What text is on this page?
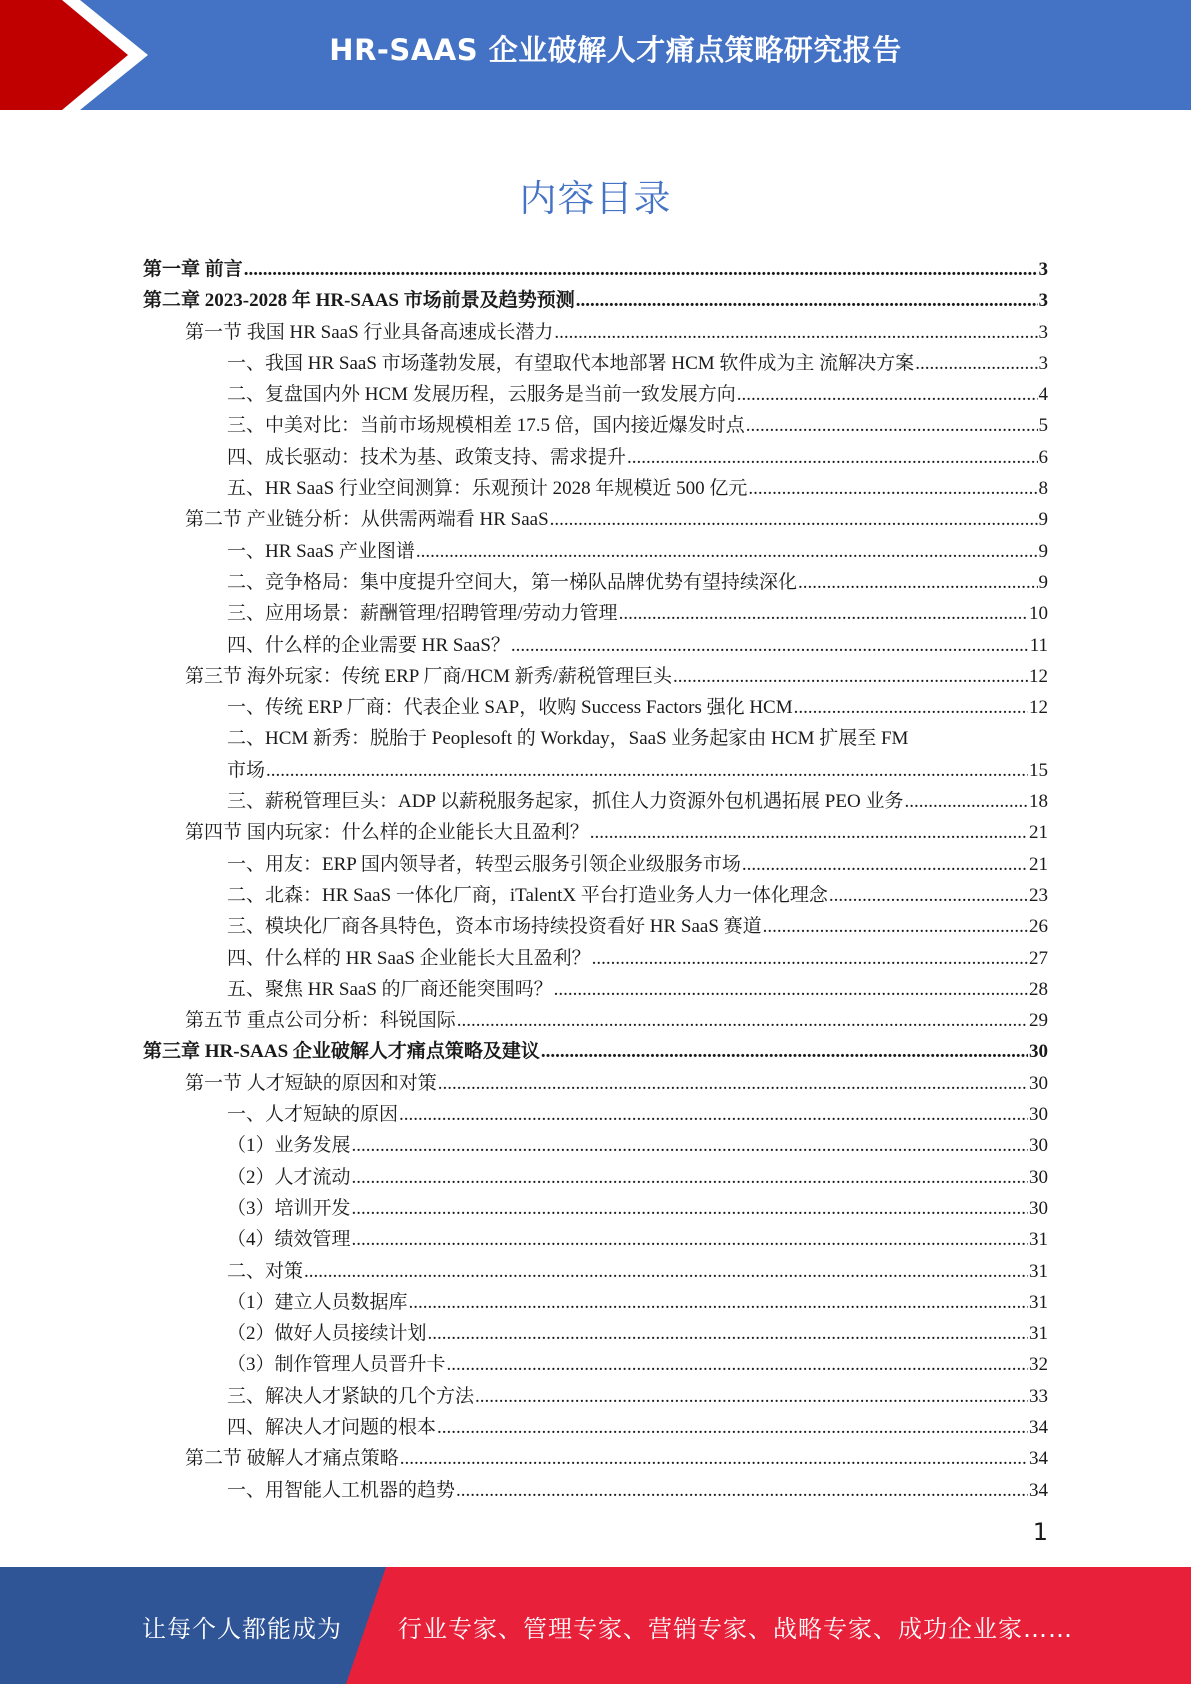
HR-SAAS 企业破解人才痛点策略研究报告
内容目录
第一章 前言 .....	3
第二章 2023-2028 年 HR-SAAS 市场前景及趋势预测 .....	3
第一节 我国 HR SaaS 行业具备高速成长潜力 .....	3
一、我国 HR SaaS 市场蓬勃发展，有望取代本地部署 HCM 软件成为主 流解决方案 .....	3
二、复盘国内外 HCM 发展历程，云服务是当前一致发展方向 .....	4
三、中美对比：当前市场规模相差 17.5 倍，国内接近爆发时点 .....	5
四、成长驱动：技术为基、政策支持、需求提升 .....	6
五、HR SaaS 行业空间测算：乐观预计 2028 年规模近 500 亿元 .....	8
第二节 产业链分析：从供需两端看 HR SaaS .....	9
一、HR SaaS 产业图谱 .....	9
二、竞争格局：集中度提升空间大，第一梯队品牌优势有望持续深化 .....	9
三、应用场景：薪酬管理/招聘管理/劳动力管理 .....	10
四、什么样的企业需要 HR SaaS？ .....	11
第三节 海外玩家：传统 ERP 厂商/HCM 新秀/薪税管理巨头 .....	12
一、传统 ERP 厂商：代表企业 SAP，收购 Success Factors 强化 HCM .....	12
二、HCM 新秀：脱胎于 Peoplesoft 的 Workday，SaaS 业务起家由 HCM 扩展至 FM
市场 .....	15
三、薪税管理巨头：ADP 以薪税服务起家，抓住人力资源外包机遇拓展 PEO 业务 .....	18
第四节 国内玩家：什么样的企业能长大且盈利？ .....	21
一、用友：ERP 国内领导者，转型云服务引领企业级服务市场 .....	21
二、北森：HR SaaS 一体化厂商，iTalentX 平台打造业务人力一体化理念 .....	23
三、模块化厂商各具特色，资本市场持续投资看好 HR SaaS 赛道 .....	26
四、什么样的 HR SaaS 企业能长大且盈利？ .....	27
五、聚焦 HR SaaS 的厂商还能突围吗？ .....	28
第五节 重点公司分析：科锐国际 .....	29
第三章 HR-SAAS 企业破解人才痛点策略及建议 .....	30
第一节 人才短缺的原因和对策 .....	30
一、人才短缺的原因 .....	30
（1）业务发展 .....	30
（2）人才流动 .....	30
（3）培训开发 .....	30
（4）绩效管理 .....	31
二、对策 .....	31
（1）建立人员数据库 .....	31
（2）做好人员接续计划 .....	31
（3）制作管理人员晋升卡 .....	32
三、解决人才紧缺的几个方法 .....	33
四、解决人才问题的根本 .....	34
第二节 破解人才痛点策略 .....	34
一、用智能人工机器的趋势 .....	34
1
让每个人都能成为 行业专家、管理专家、营销专家、战略专家、成功企业家……
